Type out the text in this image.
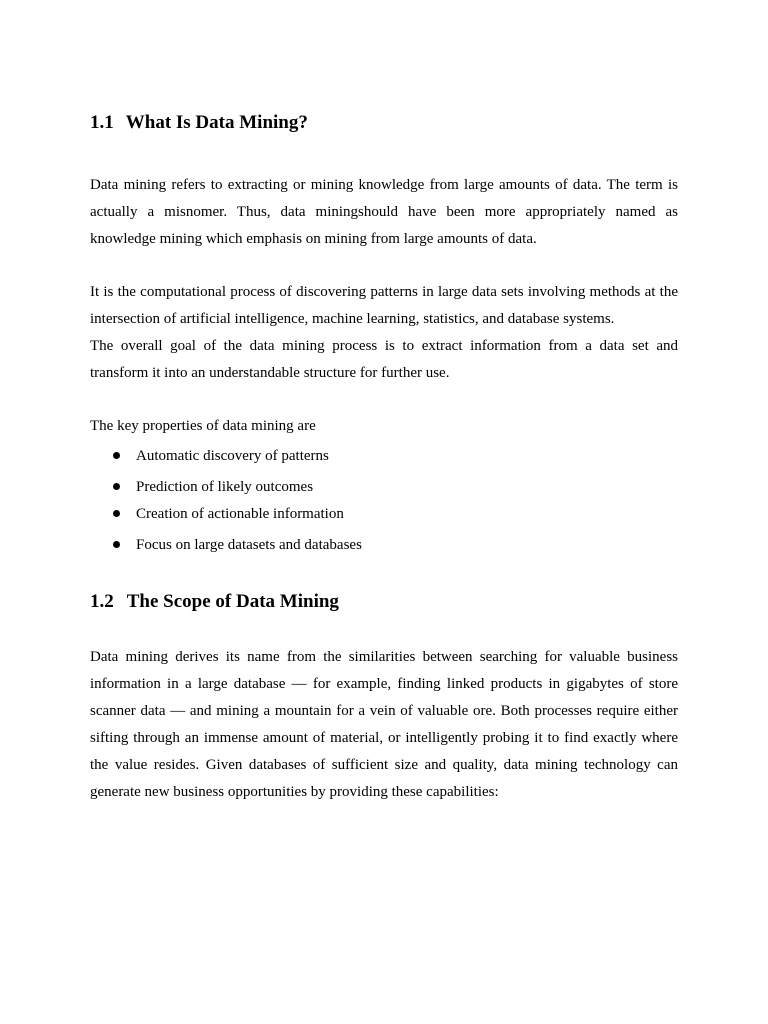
1.1 What Is Data Mining?
Data mining refers to extracting or mining knowledge from large amounts of data. The term is
actually a misnomer. Thus, data miningshould have been more appropriately named as
knowledge mining which emphasis on mining from large amounts of data.
It is the computational process of discovering patterns in large data sets involving methods at the
intersection of artificial intelligence, machine learning, statistics, and database systems.
The overall goal of the data mining process is to extract information from a data set and
transform it into an understandable structure for further use.

The key properties of data mining are

Automatic discovery of patterns
Prediction of likely outcomes
Creation of actionable information
Focus on large datasets and databases
1.2 The Scope of Data Mining
Data mining derives its name from the similarities between searching for valuable business
information in a large database — for example, finding linked products in gigabytes of store
scanner data — and mining a mountain for a vein of valuable ore. Both processes require either
sifting through an immense amount of material, or intelligently probing it to find exactly where
the value resides. Given databases of sufficient size and quality, data mining technology can
generate new business opportunities by providing these capabilities:
